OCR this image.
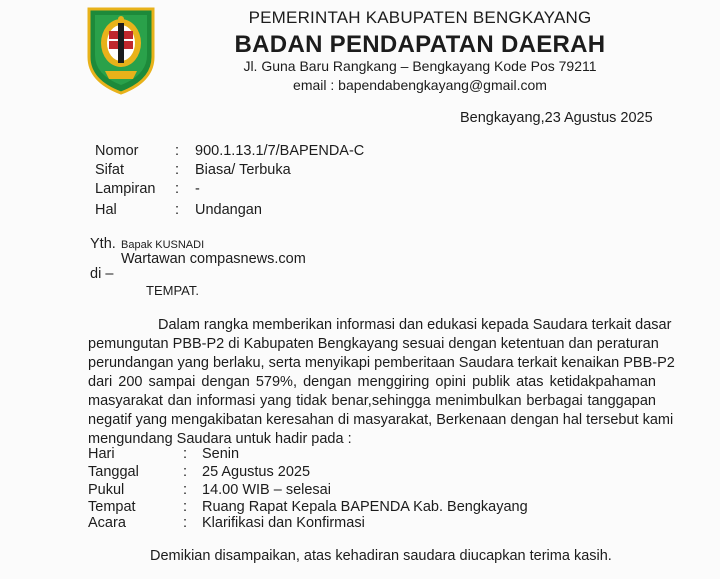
PEMERINTAH KABUPATEN BENGKAYANG
BADAN PENDAPATAN DAERAH
Jl. Guna Baru Rangkang – Bengkayang Kode Pos 79211
email : bapendabengkayang@gmail.com
Bengkayang,23 Agustus 2025
Nomor	: 900.1.13.1/7/BAPENDA-C
Sifat	: Biasa/ Terbuka
Lampiran : -
Hal	: Undangan
Yth. Bapak KUSNADI
Wartawan compasnews.com
di –
TEMPAT.
Dalam rangka memberikan informasi dan edukasi kepada Saudara terkait dasar
pemungutan PBB-P2 di Kabupaten Bengkayang sesuai dengan ketentuan dan peraturan
perundangan yang berlaku, serta menyikapi pemberitaan Saudara terkait kenaikan PBB-P2
dari 200 sampai dengan 579%, dengan menggiring opini publik atas ketidakpahaman
masyarakat dan informasi yang tidak benar,sehingga menimbulkan berbagai tanggapan
negatif yang mengakibatan keresahan di masyarakat, Berkenaan dengan hal tersebut kami
mengundang Saudara untuk hadir pada :
Hari	: Senin
Tanggal	: 25 Agustus 2025
Pukul	: 14.00 WIB – selesai
Tempat	: Ruang Rapat Kepala BAPENDA Kab. Bengkayang
Acara	: Klarifikasi dan Konfirmasi
Demikian disampaikan, atas kehadiran saudara diucapkan terima kasih.
